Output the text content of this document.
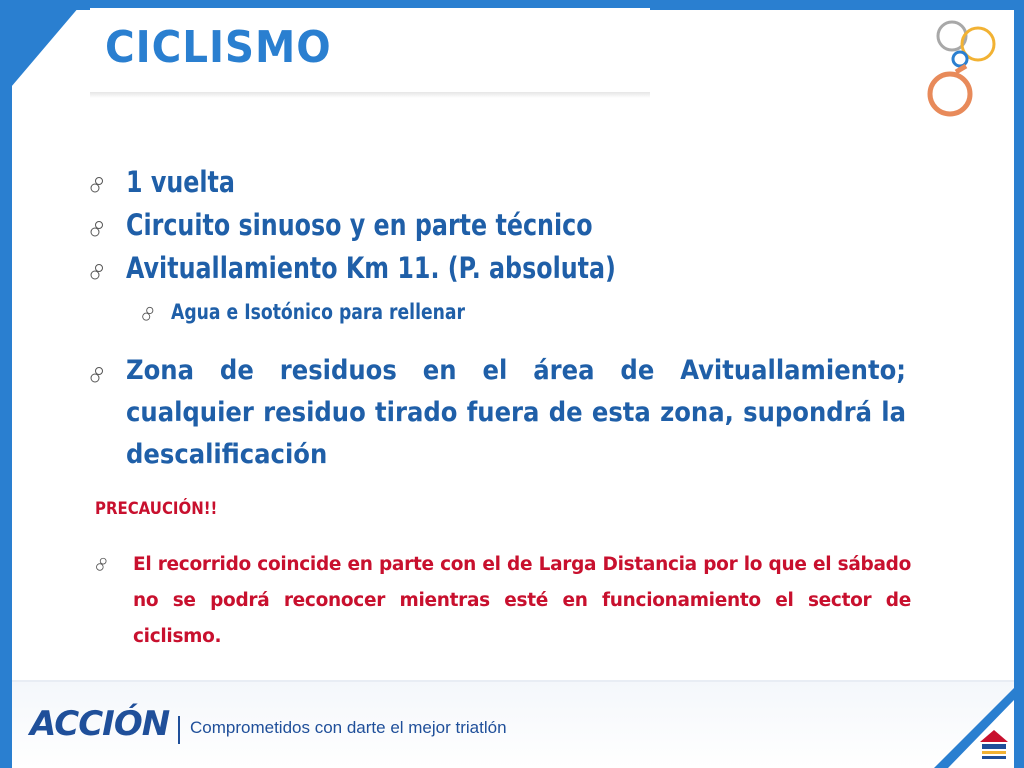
CICLISMO
1 vuelta
Circuito sinuoso y en parte técnico
Avituallamiento Km 11. (P. absoluta)
Agua e Isotónico para rellenar
Zona de residuos en el área de Avituallamiento; cualquier residuo tirado fuera de esta zona, supondrá la descalificación
PRECAUCIÓN!!
El recorrido coincide en parte con el de Larga Distancia por lo que el sábado no se podrá reconocer mientras esté en funcionamiento el sector de ciclismo.
ACCIÓN Comprometidos con darte el mejor triatlón
